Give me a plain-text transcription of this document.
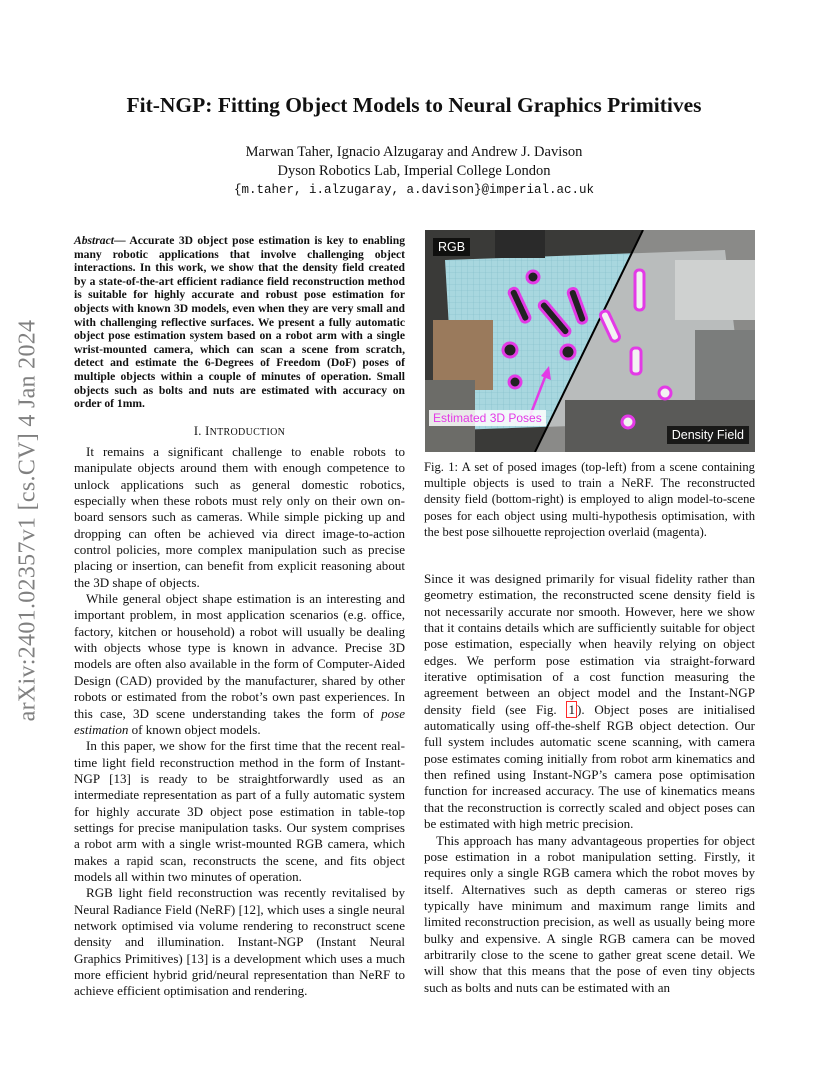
arXiv:2401.02357v1 [cs.CV] 4 Jan 2024
Fit-NGP: Fitting Object Models to Neural Graphics Primitives
Marwan Taher, Ignacio Alzugaray and Andrew J. Davison
Dyson Robotics Lab, Imperial College London
{m.taher, i.alzugaray, a.davison}@imperial.ac.uk
Abstract— Accurate 3D object pose estimation is key to enabling many robotic applications that involve challenging object interactions. In this work, we show that the density field created by a state-of-the-art efficient radiance field reconstruction method is suitable for highly accurate and robust pose estimation for objects with known 3D models, even when they are very small and with challenging reflective surfaces. We present a fully automatic object pose estimation system based on a robot arm with a single wrist-mounted camera, which can scan a scene from scratch, detect and estimate the 6-Degrees of Freedom (DoF) poses of multiple objects within a couple of minutes of operation. Small objects such as bolts and nuts are estimated with accuracy on order of 1mm.
I. INTRODUCTION

It remains a significant challenge to enable robots to manipulate objects around them with enough competence to unlock applications such as general domestic robotics, especially when these robots must rely only on their own on-board sensors such as cameras. While simple picking up and dropping can often be achieved via direct image-to-action control policies, more complex manipulation such as precise placing or insertion, can benefit from explicit reasoning about the 3D shape of objects.

While general object shape estimation is an interesting and important problem, in most application scenarios (e.g. office, factory, kitchen or household) a robot will usually be dealing with objects whose type is known in advance. Precise 3D models are often also available in the form of Computer-Aided Design (CAD) provided by the manufacturer, shared by other robots or estimated from the robot’s own past experiences. In this case, 3D scene understanding takes the form of pose estimation of known object models.

In this paper, we show for the first time that the recent real-time light field reconstruction method in the form of Instant-NGP [13] is ready to be straightforwardly used as an intermediate representation as part of a fully automatic system for highly accurate 3D object pose estimation in table-top settings for precise manipulation tasks. Our system comprises a robot arm with a single wrist-mounted RGB camera, which makes a rapid scan, reconstructs the scene, and fits object models all within two minutes of operation.

RGB light field reconstruction was recently revitalised by Neural Radiance Field (NeRF) [12], which uses a single neural network optimised via volume rendering to reconstruct scene density and illumination. Instant-NGP (Instant Neural Graphics Primitives) [13] is a development which uses a much more efficient hybrid grid/neural representation than NeRF to achieve efficient optimisation and rendering.

RGB
Density Field
Estimated 3D Poses
Fig. 1: A set of posed images (top-left) from a scene containing multiple objects is used to train a NeRF. The reconstructed density field (bottom-right) is employed to align model-to-scene poses for each object using multi-hypothesis optimisation, with the best pose silhouette reprojection overlaid (magenta).

Since it was designed primarily for visual fidelity rather than geometry estimation, the reconstructed scene density field is not necessarily accurate nor smooth. However, here we show that it contains details which are sufficiently suitable for object pose estimation, especially when heavily relying on object edges. We perform pose estimation via straight-forward iterative optimisation of a cost function measuring the agreement between an object model and the Instant-NGP density field (see Fig. 1 ). Object poses are initialised automatically using off-the-shelf RGB object detection. Our full system includes automatic scene scanning, with camera pose estimates coming initially from robot arm kinematics and then refined using Instant-NGP’s camera pose optimisation function for increased accuracy. The use of kinematics means that the reconstruction is correctly scaled and object poses can be estimated with high metric precision.

This approach has many advantageous properties for object pose estimation in a robot manipulation setting. Firstly, it requires only a single RGB camera which the robot moves by itself. Alternatives such as depth cameras or stereo rigs typically have minimum and maximum range limits and limited reconstruction precision, as well as usually being more bulky and expensive. A single RGB camera can be moved arbitrarily close to the scene to gather great scene detail. We will show that this means that the pose of even tiny objects such as bolts and nuts can be estimated with an
